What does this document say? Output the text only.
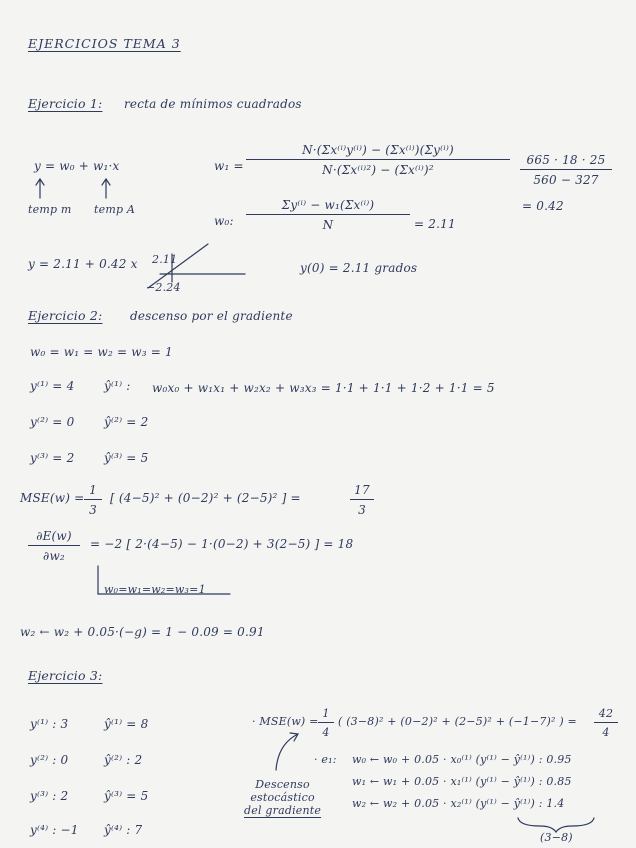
EJERCICIOS TEMA 3
Ejercicio 1: recta de mínimos cuadrados
y = w₀ + w₁·x
temp m temp A
$w_1 = \frac{\text{N·(Σx⁽ⁱ⁾y⁽ⁱ⁾) − (Σx⁽ⁱ⁾)(Σy⁽ⁱ⁾)}}{\text{N·(Σx⁽ⁱ⁾²) − (Σx⁽ⁱ⁾)²}} \frac{665 \cdot 18 \cdot 25}{560 - 327}$
= 0.42
w₀: $\frac{\text{Σy⁽ⁱ⁾ − w₁(Σx⁽ⁱ⁾)}}{N} = 2.11$
y = 2.11 + 0.42 x 2.11
−2.24
y(0) = 2.11 grados
Ejercicio 2: descenso por el gradiente
w₀ = w₁ = w₂ = w₃ = 1
y⁽¹⁾ = 4 ŷ⁽¹⁾ : w₀x₀ + w₁x₁ + w₂x₂ + w₃x₃ = 1·1 + 1·1 + 1·2 + 1·1 = 5
y⁽²⁾ = 0 ŷ⁽²⁾ = 2
y⁽³⁾ = 2 ŷ⁽³⁾ = 5
$MSE(w) = \frac{1}{3}$ [ (4−5)² + (0−2)² + (2−5)² ] =	$\frac{17}{3}$
$\frac{\partial E(w)}{\text{∂w₂}} = -2$ [ 2·(4−5) − 1·(0−2) + 3(2−5) ] = 18
w₀=w₁=w₂=w₃=1
w₂ ← w₂ + 0.05·(−g) = 1 − 0.09 = 0.91
Ejercicio 3:
y⁽¹⁾ : 3	ŷ⁽¹⁾ = 8
y⁽²⁾ : 0	ŷ⁽²⁾ : 2
y⁽³⁾ : 2	ŷ⁽³⁾ = 5
y⁽⁴⁾ : −1 ŷ⁽⁴⁾ : 7
· $MSE(w) = \frac{1}{4}$ ( (3−8)² + (0−2)² + (2−5)² + (−1−7)² ) = $\frac{42}{4}$
Descenso
estocástico
del gradiente
· e₁: w₀ ← w₀ + 0.05 · x₀⁽¹⁾ (y⁽¹⁾ − ŷ⁽¹⁾) : 0.95
w₁ ← w₁ + 0.05 · x₁⁽¹⁾ (y⁽¹⁾ − ŷ⁽¹⁾) : 0.85
w₂ ← w₂ + 0.05 · x₂⁽¹⁾ (y⁽¹⁾ − ŷ⁽¹⁾) : 1.4
(3−8)
